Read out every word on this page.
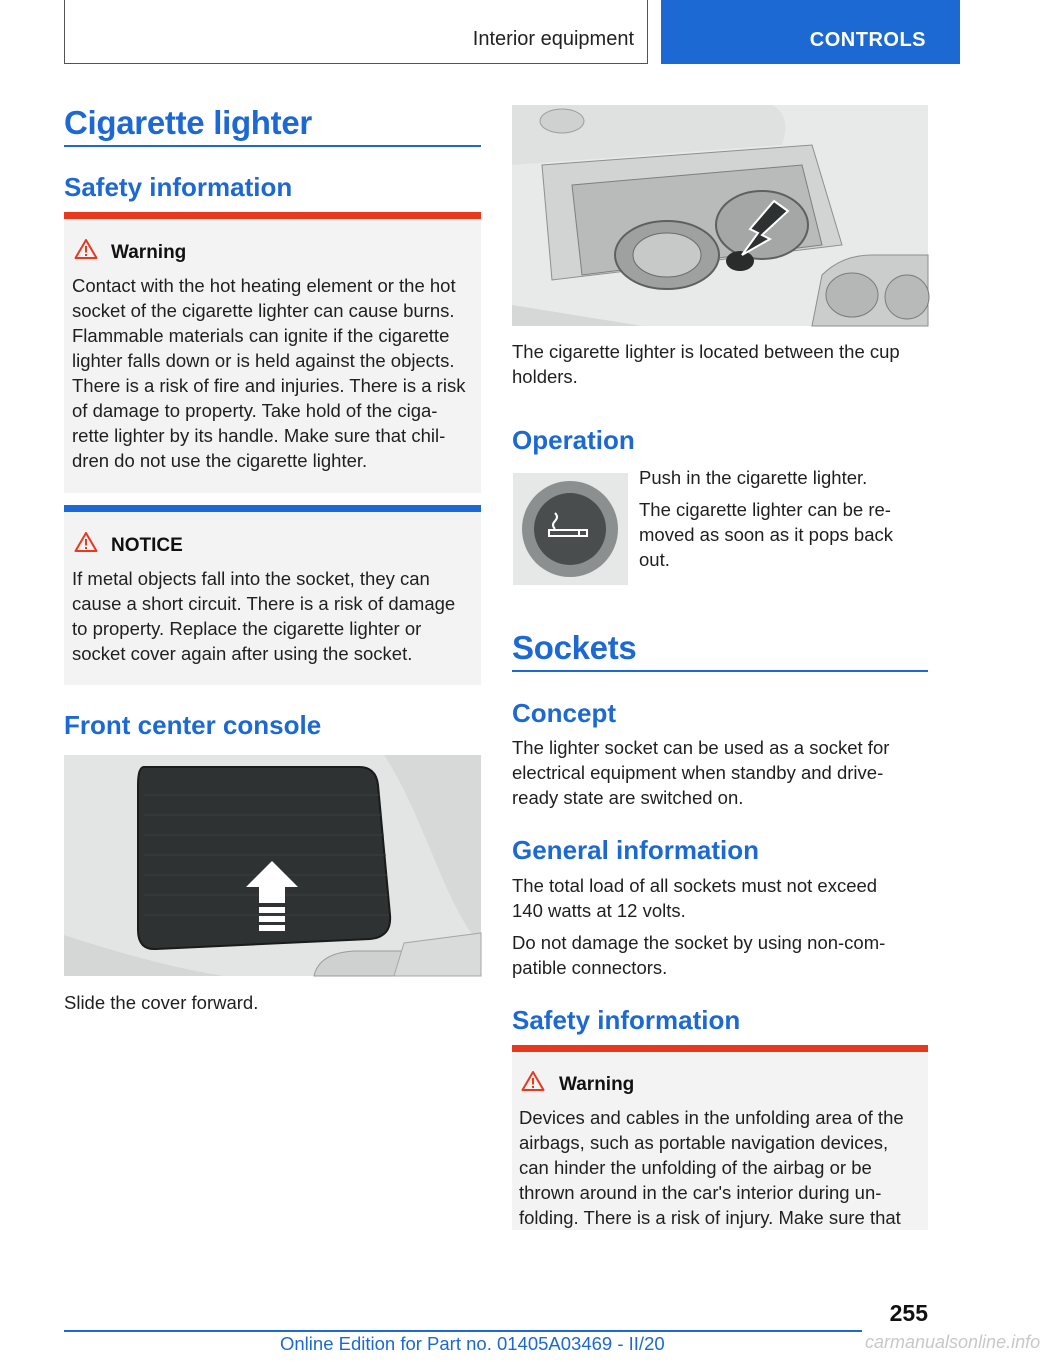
Interior equipment	CONTROLS
Cigarette lighter
Safety information
Warning
Contact with the hot heating element or the hot
socket of the cigarette lighter can cause burns.
Flammable materials can ignite if the cigarette
lighter falls down or is held against the objects.
There is a risk of fire and injuries. There is a risk
of damage to property. Take hold of the ciga-
rette lighter by its handle. Make sure that chil-
dren do not use the cigarette lighter.
NOTICE
If metal objects fall into the socket, they can
cause a short circuit. There is a risk of damage
to property. Replace the cigarette lighter or
socket cover again after using the socket.
Front center console
Slide the cover forward.
The cigarette lighter is located between the cup
holders.
Operation
Push in the cigarette lighter.
The cigarette lighter can be re-
moved as soon as it pops back
out.
Sockets
Concept
The lighter socket can be used as a socket for
electrical equipment when standby and drive-
ready state are switched on.
General information
The total load of all sockets must not exceed
140 watts at 12 volts.
Do not damage the socket by using non-com-
patible connectors.
Safety information
Warning
Devices and cables in the unfolding area of the
airbags, such as portable navigation devices,
can hinder the unfolding of the airbag or be
thrown around in the car's interior during un-
folding. There is a risk of injury. Make sure that
255
Online Edition for Part no. 01405A03469 - II/20	carmanualsonline.info
